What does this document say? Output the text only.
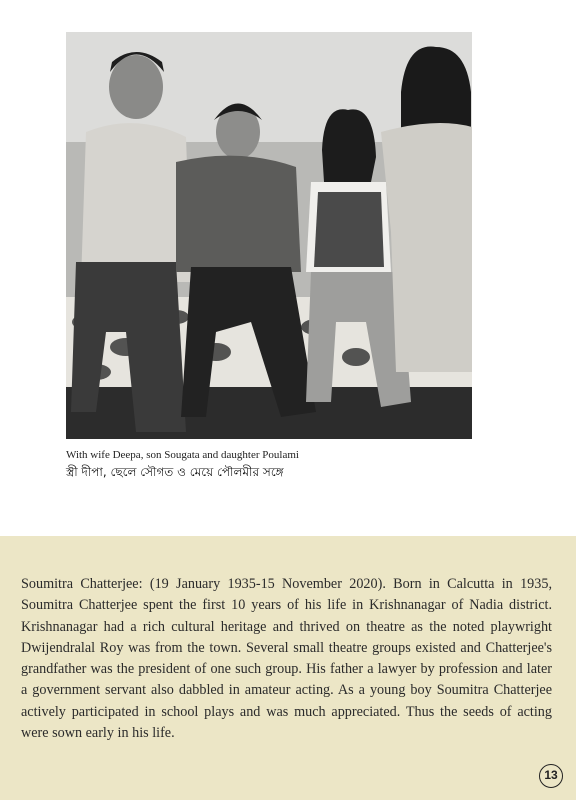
With wife Deepa, son Sougata and daughter Poulami
স্ত্রী দীপা, ছেলে সৌগত ও মেয়ে পৌলমীর সঙ্গে
Soumitra Chatterjee: (19 January 1935-15 November 2020). Born in Calcutta in 1935, Soumitra Chatterjee spent the first 10 years of his life in Krishnanagar of Nadia district. Krishnanagar had a rich cultural heritage and thrived on theatre as the noted playwright Dwijendralal Roy was from the town. Several small theatre groups existed and Chatterjee's grandfather was the president of one such group. His father a lawyer by profession and later a government servant also dabbled in amateur acting. As a young boy Soumitra Chatterjee actively participated in school plays and was much appreciated. Thus the seeds of acting were sown early in his life.
13
